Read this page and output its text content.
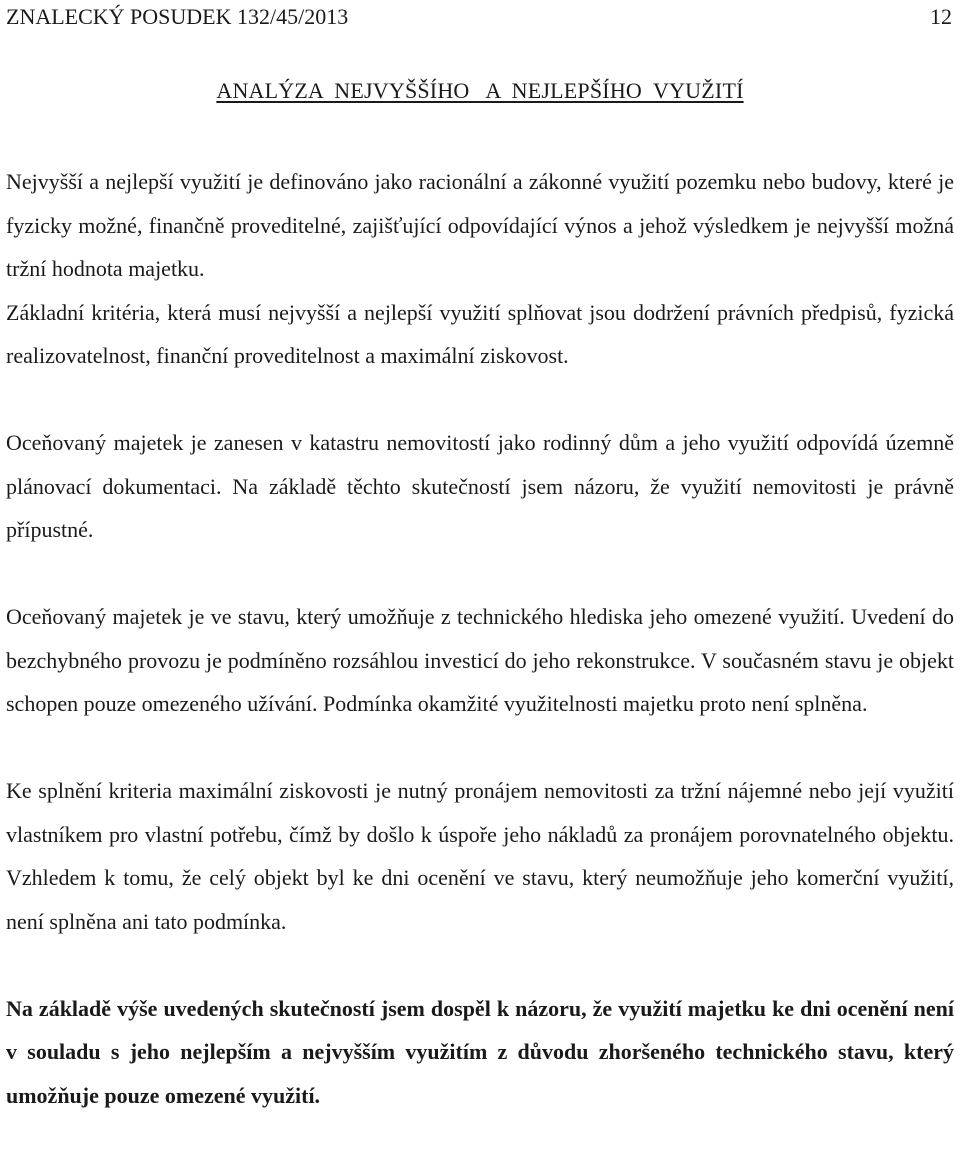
ZNALECKÝ POSUDEK 132/45/2013	12
ANALÝZA  NEJVYŠŠÍHO   A  NEJLEPŠÍHO  VYUŽITÍ

Nejvyšší a nejlepší využití je definováno jako racionální a zákonné využití pozemku nebo budovy, které je fyzicky možné, finančně proveditelné, zajišťující odpovídající výnos a jehož výsledkem je nejvyšší možná tržní hodnota majetku.

Základní kritéria, která musí nejvyšší a nejlepší využití splňovat jsou dodržení právních předpisů, fyzická realizovatelnost, finanční proveditelnost a maximální ziskovost.

Oceňovaný majetek je zanesen v katastru nemovitostí jako rodinný dům a jeho využití odpovídá územně plánovací dokumentaci. Na základě těchto skutečností jsem názoru, že využití nemovitosti je právně přípustné.

Oceňovaný majetek je ve stavu, který umožňuje z technického hlediska jeho omezené využití. Uvedení do bezchybného provozu je podmíněno rozsáhlou investicí do jeho rekonstrukce. V současném stavu je objekt schopen pouze omezeného užívání. Podmínka okamžité využitelnosti majetku proto není splněna.

Ke splnění kriteria maximální ziskovosti je nutný pronájem nemovitosti za tržní nájemné nebo její využití vlastníkem pro vlastní potřebu, čímž by došlo k úspoře jeho nákladů za pronájem porovnatelného objektu. Vzhledem k tomu, že celý objekt byl ke dni ocenění ve stavu, který neumožňuje jeho komerční využití, není splněna ani tato podmínka.

Na základě výše uvedených skutečností jsem dospěl k názoru, že využití majetku ke dni ocenění není v souladu s jeho nejlepším a nejvyšším využitím z důvodu zhoršeného technického stavu, který umožňuje pouze omezené využití.
